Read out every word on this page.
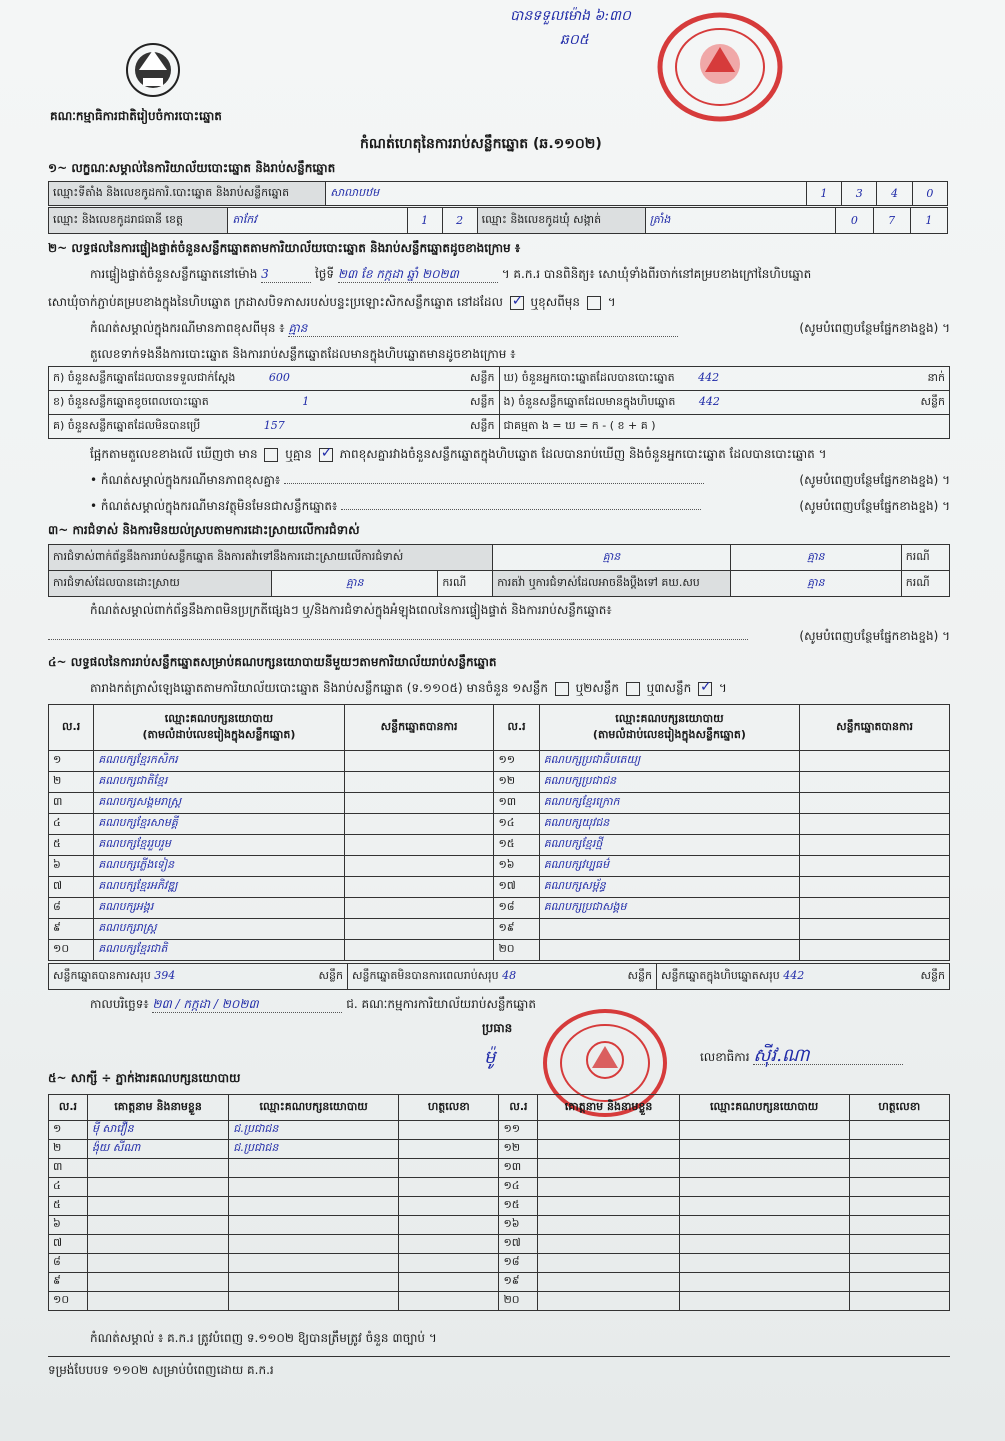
បានទទួលម៉ោង ៦:៣០
ឆ០៥
គណៈកម្មាធិការជាតិរៀបចំការបោះឆ្នោត
កំណត់ហេតុនៃការរាប់សន្លឹកឆ្នោត (ឆ.១១០២)
១~ លក្ខណៈសម្គាល់នៃការិយាល័យបោះឆ្នោត និងរាប់សន្លឹកឆ្នោត
ឈ្មោះទីតាំង និងលេខកូដការិ.បោះឆ្នោត និងរាប់សន្លឹកឆ្នោត	សាលាបឋម	1	3	4	0
ឈ្មោះ និងលេខកូដរាជធានី ខេត្ត	តាកែវ	1	2	ឈ្មោះ និងលេខកូដឃុំ សង្កាត់	ត្រាំង	0	7	1
២~ លទ្ធផលនៃការផ្ទៀងផ្ទាត់ចំនួនសន្លឹកឆ្នោតតាមការិយាល័យបោះឆ្នោត និងរាប់សន្លឹកឆ្នោតដូចខាងក្រោម ៖
ការផ្ទៀងផ្ទាត់ចំនួនសន្លឹកឆ្នោតនៅម៉ោង 3	ថ្ងៃទី ២៣ ខែ កក្កដា ឆ្នាំ ២០២៣	។ គ.ក.រ បានពិនិត្យ៖ សោឃុំទាំងពីរចាក់នៅគម្របខាងក្រៅនៃហិបឆ្នោត
សោឃុំចាក់ភ្ជាប់គម្របខាងក្នុងនៃហិបឆ្នោត ក្រដាសបិទភាសរបស់បន្ទះប្រឡោះសិកសន្លឹកឆ្នោត នៅដដែល ✓ ឬខុសពីមុន  ។
កំណត់សម្គាល់ក្នុងករណីមានភាពខុសពីមុន ៖ គ្មាន	(សូមបំពេញបន្ថែមផ្នែកខាងខ្នង) ។
តួលេខទាក់ទងនឹងការបោះឆ្នោត និងការរាប់សន្លឹកឆ្នោតដែលមានក្នុងហិបឆ្នោតមានដូចខាងក្រោម ៖
ក) ចំនួនសន្លឹកឆ្នោតដែលបានទទួលជាក់ស្តែង 600 សន្លឹក	ឃ) ចំនួនអ្នកបោះឆ្នោតដែលបានបោះឆ្នោត 442 នាក់

ខ) ចំនួនសន្លឹកឆ្នោតខូចពេលបោះឆ្នោត 1 សន្លឹក	ង) ចំនួនសន្លឹកឆ្នោតដែលមានក្នុងហិបឆ្នោត 442 សន្លឹក

គ) ចំនួនសន្លឹកឆ្នោតដែលមិនបានប្រើ 157 សន្លឹក	ជាគម្មតា ង = ឃ = ក - ( ខ + គ )
ផ្អែកតាមតួលេខខាងលើ ឃើញថា មាន ឬគ្មាន ✓ ភាពខុសគ្នារវាងចំនួនសន្លឹកឆ្នោតក្នុងហិបឆ្នោត ដែលបានរាប់ឃើញ និងចំនួនអ្នកបោះឆ្នោត ដែលបានបោះឆ្នោត ។
• កំណត់សម្គាល់ក្នុងករណីមានភាពខុសគ្នា៖	(សូមបំពេញបន្ថែមផ្នែកខាងខ្នង) ។
• កំណត់សម្គាល់ក្នុងករណីមានវត្ថុមិនមែនជាសន្លឹកឆ្នោត៖	(សូមបំពេញបន្ថែមផ្នែកខាងខ្នង) ។
៣~ ការជំទាស់ និងការមិនយល់ស្របតាមការដោះស្រាយលើការជំទាស់
ការជំទាស់ពាក់ព័ន្ធនឹងការរាប់សន្លឹកឆ្នោត និងការតវ៉ាទៅនឹងការដោះស្រាយលើការជំទាស់			គ្មាន	គ្មាន	ករណី
ការជំទាស់ដែលបានដោះស្រាយ	គ្មាន	ករណី	ការតវ៉ា ឬការជំទាស់ដែលអាចនឹងប្តឹងទៅ គឃ.សប	គ្មាន	ករណី
កំណត់សម្គាល់ពាក់ព័ន្ធនឹងភាពមិនប្រក្រតីផ្សេងៗ ឬ/និងការជំទាស់ក្នុងអំឡុងពេលនៃការផ្ទៀងផ្ទាត់ និងការរាប់សន្លឹកឆ្នោត៖
(សូមបំពេញបន្ថែមផ្នែកខាងខ្នង) ។
៤~ លទ្ធផលនៃការរាប់សន្លឹកឆ្នោតសម្រាប់គណបក្សនយោបាយនីមួយៗតាមការិយាល័យរាប់សន្លឹកឆ្នោត
តារាងកត់ត្រាសំឡេងឆ្នោតតាមការិយាល័យបោះឆ្នោត និងរាប់សន្លឹកឆ្នោត (ទ.១១០៥) មានចំនួន ១សន្លឹក ឬ២សន្លឹក ឬ៣សន្លឹក ✓ ។
ល.រ	ឈ្មោះគណបក្សនយោបាយ
(តាមលំដាប់លេខរៀងក្នុងសន្លឹកឆ្នោត)	សន្លឹកឆ្នោតបានការ	ល.រ	ឈ្មោះគណបក្សនយោបាយ
(តាមលំដាប់លេខរៀងក្នុងសន្លឹកឆ្នោត)	សន្លឹកឆ្នោតបានការ
១	គណបក្សខ្មែរកសិករ		១១	គណបក្សប្រជាធិបតេយ្យ	
២	គណបក្សជាតិខ្មែរ		១២	គណបក្សប្រជាជន	
៣	គណបក្សសង្គមរាស្ត្រ		១៣	គណបក្សខ្មែរក្រោក	
៤	គណបក្សខ្មែរសាមគ្គី		១៤	គណបក្សយុវជន	
៥	គណបក្សខ្មែររួបរួម		១៥	គណបក្សខ្មែរថ្មី	
៦	គណបក្សភ្លើងទៀន		១៦	គណបក្សវប្បធម៌	
៧	គណបក្សខ្មែរអភិវឌ្ឍ		១៧	គណបក្សសម្ព័ន្ធ	
៨	គណបក្សអង្គរ		១៨	គណបក្សប្រជាសង្គម	
៩	គណបក្សរាស្ត្រ		១៩		
១០	គណបក្សខ្មែរជាតិ		២០		
សន្លឹកឆ្នោតបានការសរុប 394	សន្លឹក	សន្លឹកឆ្នោតមិនបានការពេលរាប់សរុប 48	សន្លឹក	សន្លឹកឆ្នោតក្នុងហិបឆ្នោតសរុប 442	សន្លឹក
កាលបរិច្ឆេទ៖ ២៣ / កក្កដា / ២០២៣	ជ. គណៈកម្មការការិយាល័យរាប់សន្លឹកឆ្នោត
ប្រធាន
ម៉ូ	លេខាធិការ ស៊ីវ.ណា
៥~ សាក្សី ÷ ភ្នាក់ងារគណបក្សនយោបាយ
ល.រ	គោត្តនាម និងនាមខ្លួន	ឈ្មោះគណបក្សនយោបាយ	ហត្ថលេខា	ល.រ	គោត្តនាម និងនាមខ្លួន	ឈ្មោះគណបក្សនយោបាយ	ហត្ថលេខា
១	ម៉ី សាវឿន	ជ.ប្រជាជន		១១			
២	ង៉ុយ សីណា	ជ.ប្រជាជន		១២			
៣				១៣			
៤				១៤			
៥				១៥			
៦				១៦			
៧				១៧			
៨				១៨			
៩				១៩			
១០				២០			
កំណត់សម្គាល់ ៖ គ.ក.រ ត្រូវបំពេញ ទ.១១០២ ឱ្យបានត្រឹមត្រូវ ចំនួន ៣ច្បាប់ ។
ទម្រង់បែបបទ ១១០២ សម្រាប់បំពេញដោយ គ.ក.រ
